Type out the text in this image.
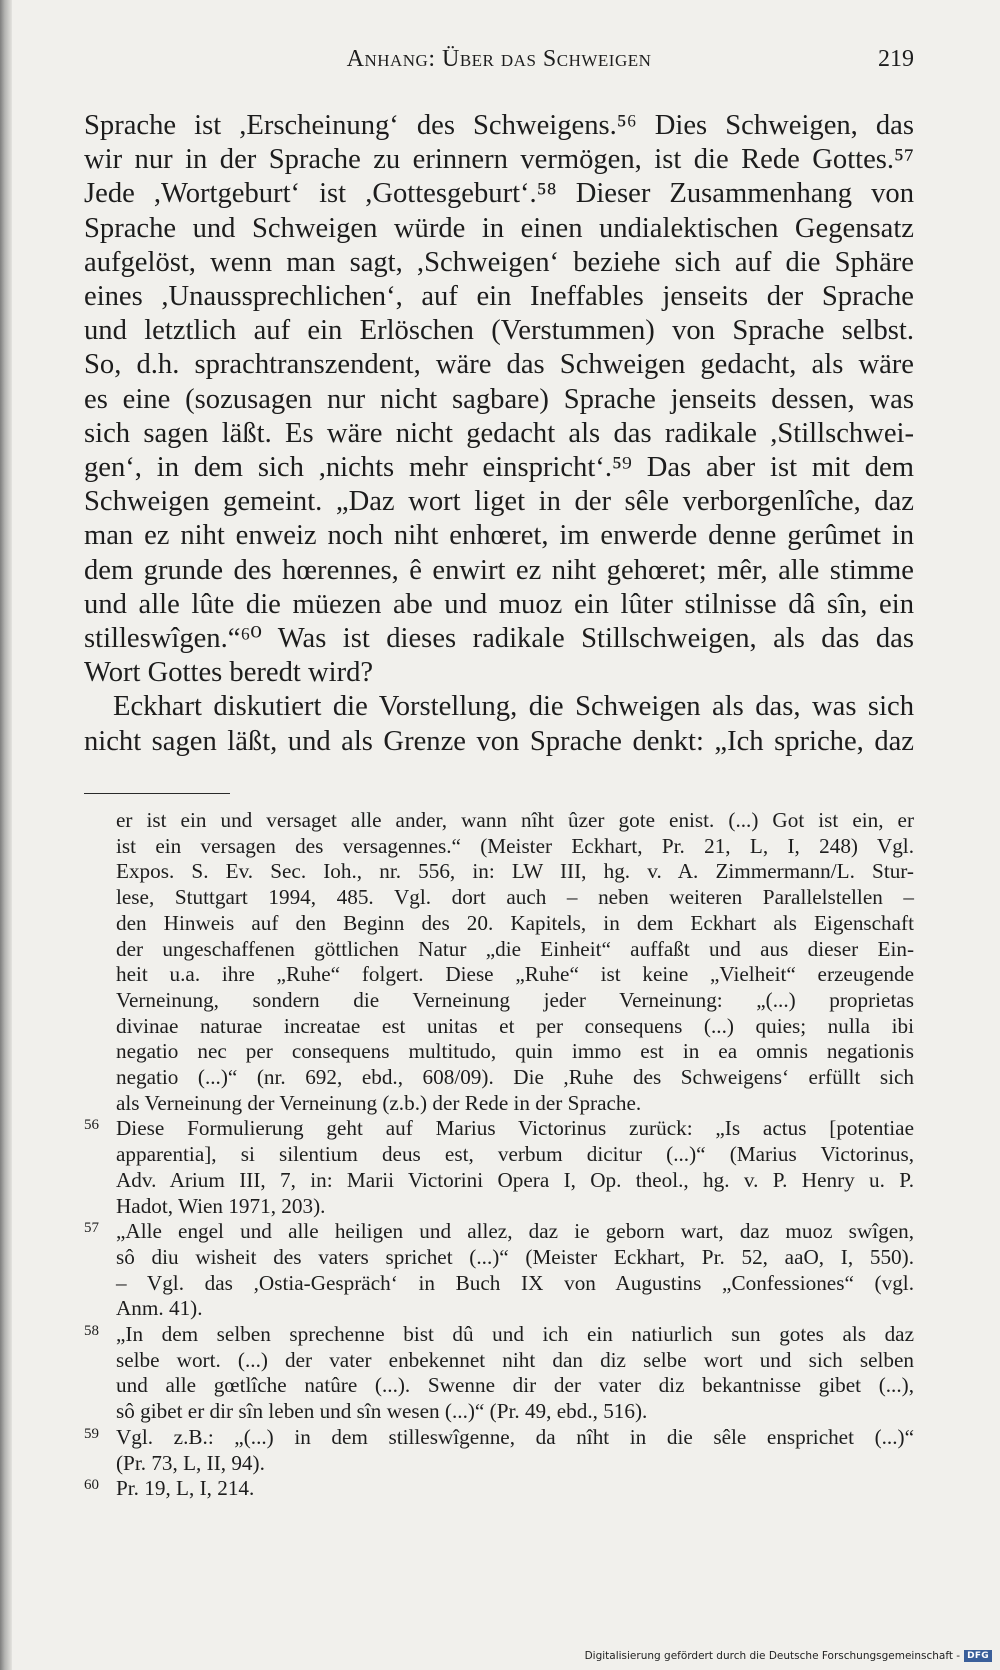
Anhang: Über das Schweigen	219

Sprache ist ,Erscheinung‘ des Schweigens.⁵⁶ Dies Schweigen, das
wir nur in der Sprache zu erinnern vermögen, ist die Rede Gottes.⁵⁷
Jede ,Wortgeburt‘ ist ,Gottesgeburt‘.⁵⁸ Dieser Zusammenhang von
Sprache und Schweigen würde in einen undialektischen Gegensatz
aufgelöst, wenn man sagt, ,Schweigen‘ beziehe sich auf die Sphäre
eines ,Unaussprechlichen‘, auf ein Ineffables jenseits der Sprache
und letztlich auf ein Erlöschen (Verstummen) von Sprache selbst.
So, d.h. sprachtranszendent, wäre das Schweigen gedacht, als wäre
es eine (sozusagen nur nicht sagbare) Sprache jenseits dessen, was
sich sagen läßt. Es wäre nicht gedacht als das radikale ,Stillschwei-
gen‘, in dem sich ,nichts mehr einspricht‘.⁵⁹ Das aber ist mit dem
Schweigen gemeint. „Daz wort liget in der sêle verborgenlîche, daz
man ez niht enweiz noch niht enhœret, im enwerde denne gerûmet in
dem grunde des hœrennes, ê enwirt ez niht gehœret; mêr, alle stimme
und alle lûte die müezen abe und muoz ein lûter stilnisse dâ sîn, ein
stilleswîgen.“⁶⁰ Was ist dieses radikale Stillschweigen, als das das
Wort Gottes beredt wird?

Eckhart diskutiert die Vorstellung, die Schweigen als das, was sich
nicht sagen läßt, und als Grenze von Sprache denkt: „Ich spriche, daz

er ist ein und versaget alle ander, wann nîht ûzer gote enist. (...) Got ist ein, er
ist ein versagen des versagennes.“ (Meister Eckhart, Pr. 21, L, I, 248) Vgl.
Expos. S. Ev. Sec. Ioh., nr. 556, in: LW III, hg. v. A. Zimmermann/L. Stur-
lese, Stuttgart 1994, 485. Vgl. dort auch – neben weiteren Parallelstellen –
den Hinweis auf den Beginn des 20. Kapitels, in dem Eckhart als Eigenschaft
der ungeschaffenen göttlichen Natur „die Einheit“ auffaßt und aus dieser Ein-
heit u.a. ihre „Ruhe“ folgert. Diese „Ruhe“ ist keine „Vielheit“ erzeugende
Verneinung, sondern die Verneinung jeder Verneinung: „(...) proprietas
divinae naturae increatae est unitas et per consequens (...) quies; nulla ibi
negatio nec per consequens multitudo, quin immo est in ea omnis negationis
negatio (...)“ (nr. 692, ebd., 608/09). Die ,Ruhe des Schweigens‘ erfüllt sich
als Verneinung der Verneinung (z.b.) der Rede in der Sprache.
56 Diese Formulierung geht auf Marius Victorinus zurück: „Is actus [potentiae
apparentia], si silentium deus est, verbum dicitur (...)“ (Marius Victorinus,
Adv. Arium III, 7, in: Marii Victorini Opera I, Op. theol., hg. v. P. Henry u. P.
Hadot, Wien 1971, 203).
57 „Alle engel und alle heiligen und allez, daz ie geborn wart, daz muoz swîgen,
sô diu wisheit des vaters sprichet (...)“ (Meister Eckhart, Pr. 52, aaO, I, 550).
– Vgl. das ,Ostia-Gespräch‘ in Buch IX von Augustins „Confessiones“ (vgl.
Anm. 41).
58 „In dem selben sprechenne bist dû und ich ein natiurlich sun gotes als daz
selbe wort. (...) der vater enbekennet niht dan diz selbe wort und sich selben
und alle gœtlîche natûre (...). Swenne dir der vater diz bekantnisse gibet (...),
sô gibet er dir sîn leben und sîn wesen (...)“ (Pr. 49, ebd., 516).
59 Vgl. z.B.: „(...) in dem stilleswîgenne, da nîht in die sêle ensprichet (...)“
(Pr. 73, L, II, 94).
60 Pr. 19, L, I, 214.
Digitalisierung gefördert durch die Deutsche Forschungsgemeinschaft - DFG
